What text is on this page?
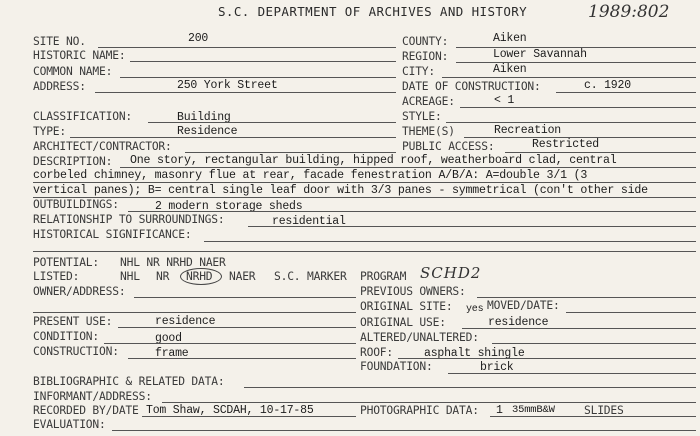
S.C. DEPARTMENT OF ARCHIVES AND HISTORY	1989:802
SITE NO.	200	COUNTY:	Aiken
HISTORIC NAME:	REGION:	Lower Savannah
COMMON NAME:	CITY:	Aiken
ADDRESS:	250 York Street	DATE OF CONSTRUCTION:	c. 1920
ACREAGE:	< 1
CLASSIFICATION:	Building	STYLE:
TYPE:	Residence	THEME(S)	Recreation
ARCHITECT/CONTRACTOR:	PUBLIC ACCESS:	Restricted
DESCRIPTION: One story, rectangular building, hipped roof, weatherboard clad, central
corbeled chimney, masonry flue at rear, facade fenestration A/B/A: A=double 3/1 (3
vertical panes); B= central single leaf door with 3/3 panes - symmetrical (con't other side
OUTBUILDINGS:	2 modern storage sheds
RELATIONSHIP TO SURROUNDINGS:	residential
HISTORICAL SIGNIFICANCE:
POTENTIAL: NHL NR NRHD NAER
LISTED:	NHL NR NRHD NAER S.C. MARKER PROGRAM SCHD2
OWNER/ADDRESS:	PREVIOUS OWNERS:
ORIGINAL SITE: yes MOVED/DATE:
PRESENT USE:	residence	ORIGINAL USE:	residence
CONDITION:	good	ALTERED/UNALTERED:
CONSTRUCTION:	frame	ROOF:	asphalt shingle
FOUNDATION:	brick
BIBLIOGRAPHIC & RELATED DATA:
INFORMANT/ADDRESS:
RECORDED BY/DATE Tom Shaw, SCDAH, 10-17-85	PHOTOGRAPHIC DATA: 1 35mmB&W	SLIDES
EVALUATION:
